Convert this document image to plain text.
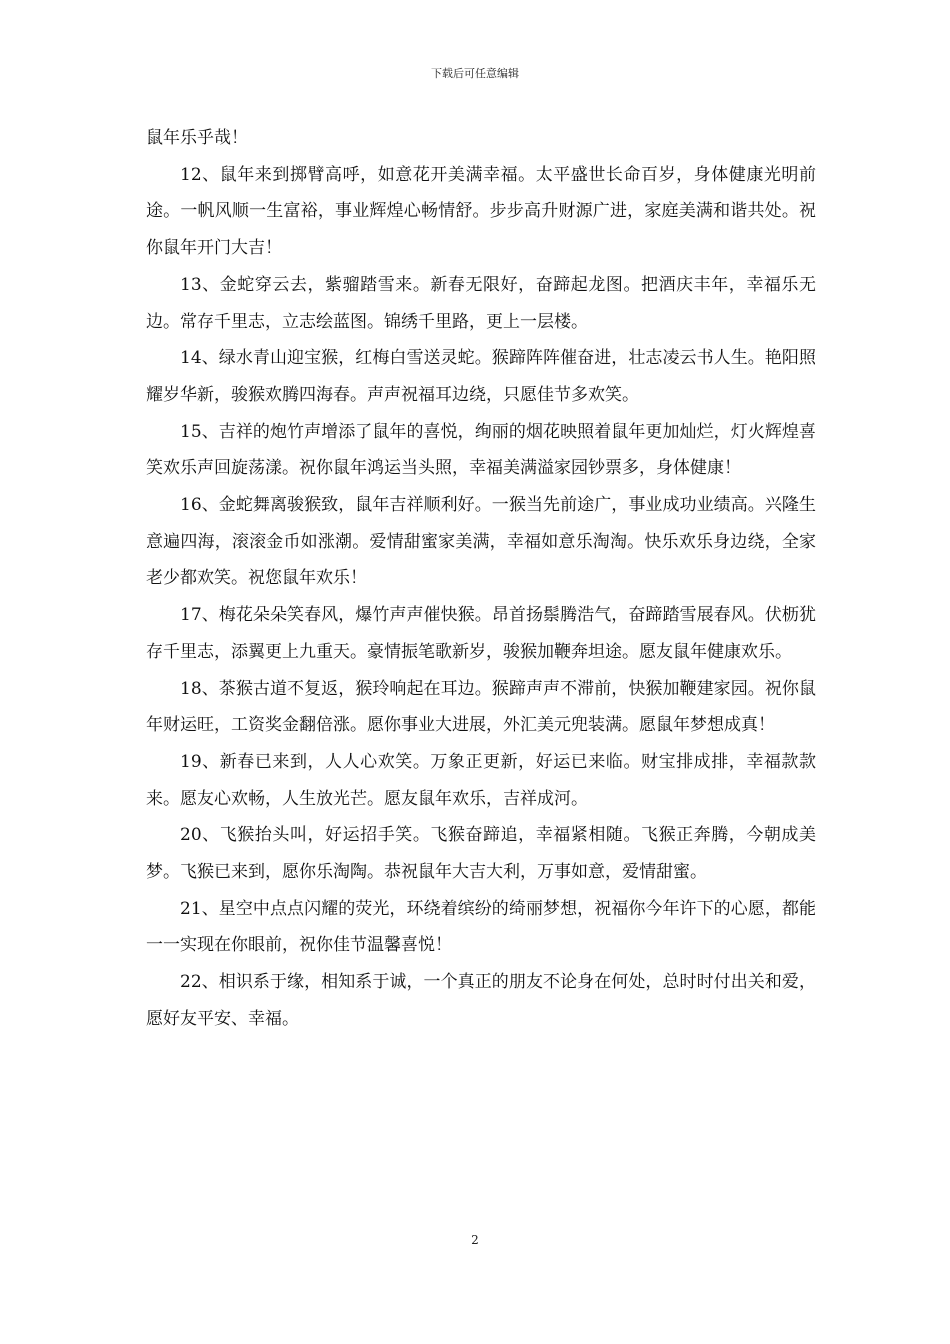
下载后可任意编辑

鼠年乐乎哉！

12、鼠年来到掷臂高呼，如意花开美满幸福。太平盛世长命百岁，身体健康光明前途。一帆风顺一生富裕，事业辉煌心畅情舒。步步高升财源广进，家庭美满和谐共处。祝你鼠年开门大吉！

13、金蛇穿云去，紫骝踏雪来。新春无限好，奋蹄起龙图。把酒庆丰年，幸福乐无边。常存千里志，立志绘蓝图。锦绣千里路，更上一层楼。

14、绿水青山迎宝猴，红梅白雪送灵蛇。猴蹄阵阵催奋进，壮志凌云书人生。艳阳照耀岁华新，骏猴欢腾四海春。声声祝福耳边绕，只愿佳节多欢笑。

15、吉祥的炮竹声增添了鼠年的喜悦，绚丽的烟花映照着鼠年更加灿烂，灯火辉煌喜笑欢乐声回旋荡漾。祝你鼠年鸿运当头照，幸福美满溢家园钞票多，身体健康！

16、金蛇舞离骏猴致，鼠年吉祥顺利好。一猴当先前途广，事业成功业绩高。兴隆生意遍四海，滚滚金币如涨潮。爱情甜蜜家美满，幸福如意乐淘淘。快乐欢乐身边绕，全家老少都欢笑。祝您鼠年欢乐！

17、梅花朵朵笑春风，爆竹声声催快猴。昂首扬鬃腾浩气，奋蹄踏雪展春风。伏枥犹存千里志，添翼更上九重天。豪情振笔歌新岁，骏猴加鞭奔坦途。愿友鼠年健康欢乐。

18、茶猴古道不复返，猴玲响起在耳边。猴蹄声声不滞前，快猴加鞭建家园。祝你鼠年财运旺，工资奖金翻倍涨。愿你事业大进展，外汇美元兜装满。愿鼠年梦想成真！

19、新春已来到，人人心欢笑。万象正更新，好运已来临。财宝排成排，幸福款款来。愿友心欢畅，人生放光芒。愿友鼠年欢乐，吉祥成河。

20、飞猴抬头叫，好运招手笑。飞猴奋蹄追，幸福紧相随。飞猴正奔腾，今朝成美梦。飞猴已来到，愿你乐淘陶。恭祝鼠年大吉大利，万事如意，爱情甜蜜。

21、星空中点点闪耀的荧光，环绕着缤纷的绮丽梦想，祝福你今年许下的心愿，都能一一实现在你眼前，祝你佳节温馨喜悦！

22、相识系于缘，相知系于诚，一个真正的朋友不论身在何处，总时时付出关和爱，愿好友平安、幸福。

2
